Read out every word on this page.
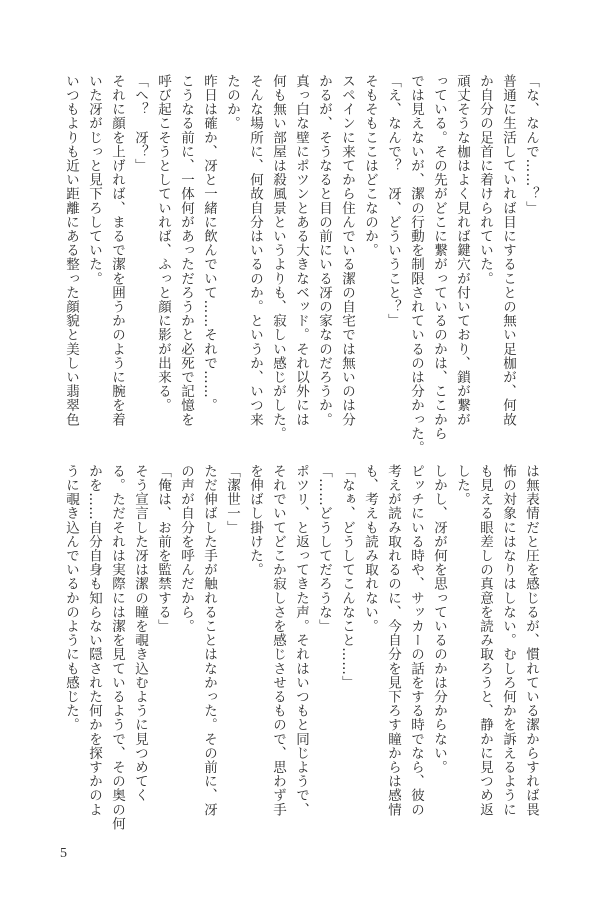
「な、なんで……？」
普通に生活していれば目にすることの無い足枷が、何故
か自分の足首に着けられていた。
頑丈そうな枷はよく見れば鍵穴が付いており、鎖が繋が
っている。その先がどこに繋がっているのかは、ここから
では見えないが、潔の行動を制限されているのは分かった。
「え、なんで？　冴、どういうこと？」
そもそもここはどこなのか。
スペインに来てから住んでいる潔の自宅では無いのは分
かるが、そうなると目の前にいる冴の家なのだろうか。
真っ白な壁にポツンとある大きなベッド。それ以外には
何も無い部屋は殺風景というよりも、寂しい感じがした。
そんな場所に、何故自分はいるのか。というか、いつ来
たのか。
昨日は確か、冴と一緒に飲んでいて……それで……。
こうなる前に、一体何があっただろうかと必死で記憶を
呼び起こそうとしていれば、ふっと顔に影が出来る。
「へ？　冴？」
それに顔を上げれば、まるで潔を囲うかのように腕を着
いた冴がじっと見下ろしていた。
いつもよりも近い距離にある整った顔貌と美しい翡翠色
は無表情だと圧を感じるが、慣れている潔からすれば畏
怖の対象にはなりはしない。むしろ何かを訴えるように
も見える眼差しの真意を読み取ろうと、静かに見つめ返
した。
しかし、冴が何を思っているのかは分からない。
ピッチにいる時や、サッカーの話をする時でなら、彼の
考えが読み取れるのに、今自分を見下ろす瞳からは感情
も、考えも読み取れない。
「なぁ、どうしてこんなこと……」
「……どうしてだろうな」
ポツリ、と返ってきた声。それはいつもと同じようで、
それでいてどこか寂しさを感じさせるもので、思わず手
を伸ばし掛けた。
「潔世一」
ただ伸ばした手が触れることはなかった。その前に、冴
の声が自分を呼んだから。
「俺は、お前を監禁する」
そう宣言した冴は潔の瞳を覗き込むように見つめてく
る。ただそれは実際には潔を見ているようで、その奥の何
かを……自分自身も知らない隠された何かを探すかのよ
うに覗き込んでいるかのようにも感じた。
5
